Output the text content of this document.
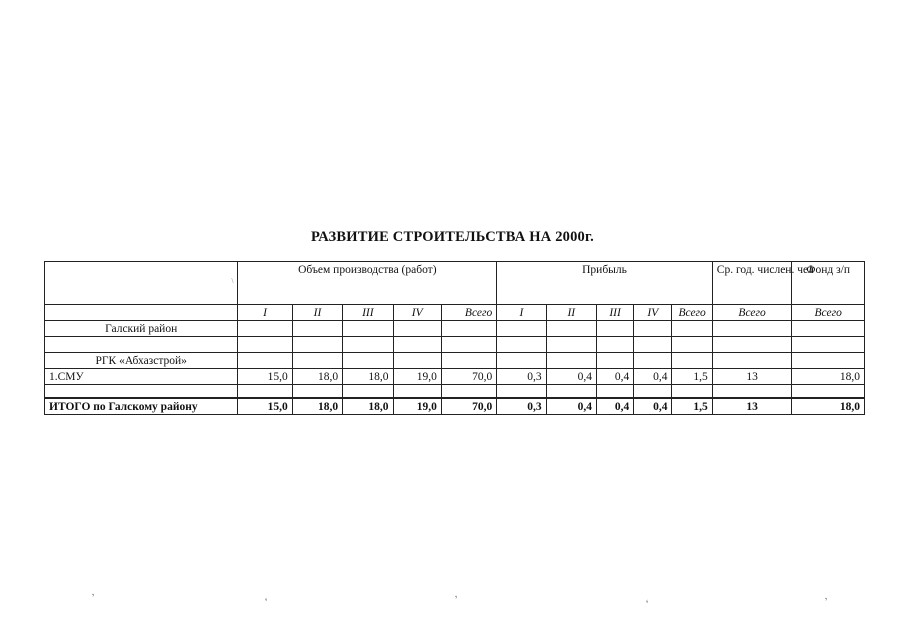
РАЗВИТИЕ СТРОИТЕЛЬСТВА НА 2000г.
\	Объем производства (работ)					Прибыль					Ср. год. числен. чел	Фонд з/п
	I	II	III	IV	Всего	I	II	III	IV	Всего	Всего	Всего
Галский район												

РГК «Абхазстрой»												
1.СМУ	15,0	18,0	18,0	19,0	70,0	0,3	0,4	0,4	0,4	1,5	13	18,0

ИТОГО по Галскому району	15,0	18,0	18,0	19,0	70,0	0,3	0,4	0,4	0,4	1,5	13	18,0
ʼ	ʻ	ʼ	ʻ	ʼ
